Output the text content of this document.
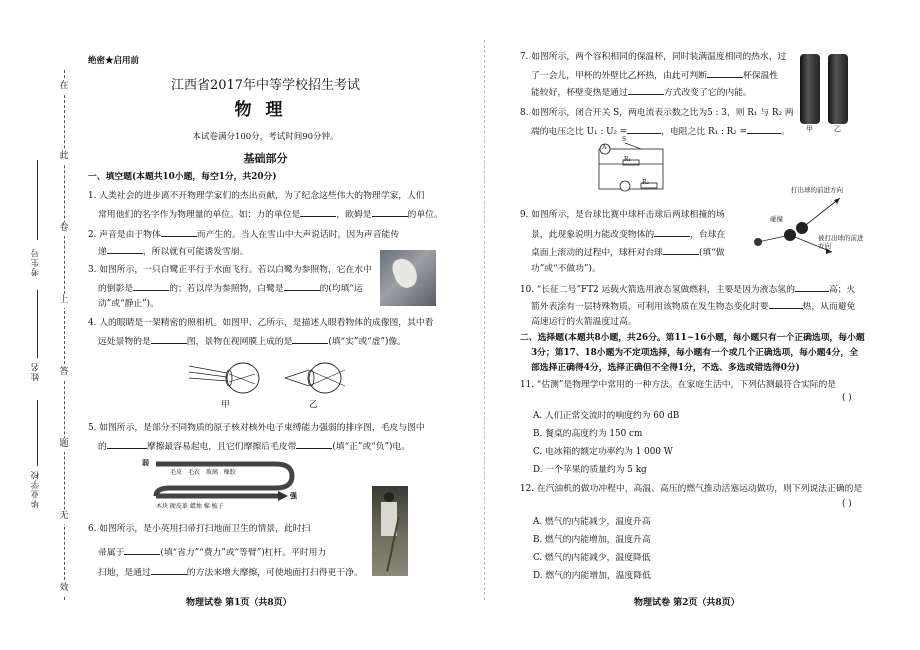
在
此
卷
上
答
题
无
效
考生号
姓名
毕业学校
绝密★启用前
江西省2017年中等学校招生考试
物理
本试卷满分100分，考试时间90分钟。
基础部分
一、填空题(本题共10小题，每空1分，共20分)
1. 人类社会的进步离不开物理学家们的杰出贡献，为了纪念这些伟大的物理学家，人们
常用他们的名字作为物理量的单位。如：力的单位是	，欧姆是	的单位。
2. 声音是由于物体	而产生的。当人在雪山中大声说话时，因为声音能传
递	，所以就有可能诱发雪崩。
3. 如图所示，一只白鹭正平行于水面飞行。若以白鹭为参照物，它在水中
的倒影是	的；若以岸为参照物，白鹭是	的(均填“运
动”或“静止”)。
4. 人的眼睛是一架精密的照相机。如图甲、乙所示，是描述人眼看物体的成像图，其中看
远处景物的是	图，景物在视网膜上成的是	(填“实”或“虚”)像。
甲	乙
5. 如图所示，是部分不同物质的原子核对核外电子束缚能力强弱的排序图，毛皮与图中
的	摩擦最容易起电，且它们摩擦后毛皮带	(填“正”或“负”)电。
弱
强
毛皮 毛衣 玻璃 橡胶
木块 硬皮革 蜡烛 棉 梳子
6. 如图所示，是小英用扫帚打扫地面卫生的情景，此时扫
帚属于	(填“省力”“费力”或“等臂”)杠杆。平时用力
扫地，是通过	的方法来增大摩擦，可使地面打扫得更干净。
物理试卷 第1页（共8页）
7. 如图所示，两个容积相同的保温杯，同时装满温度相同的热水，过
了一会儿，甲杯的外壁比乙杯热，由此可判断	杯保温性
能较好，杯壁变热是通过	方式改变了它的内能。
甲	乙
8. 如图所示，闭合开关 S，两电流表示数之比为5 : 3，则 R₁ 与 R₂ 两
端的电压之比 U₁ : U₂ =	，电阻之比 R₁ : R₂ =	。
A
S
R₁
R₂
9. 如图所示，是台球比赛中球杆击球后两球相撞的场
景，此现象说明力能改变物体的	，台球在
桌面上滚动的过程中，球杆对台球	(填“做
功”或“不做功”)。
打出球的前进方向
碰撞
被打出球的前进方向
10. “长征二号”FT2 运载火箭选用液态氢做燃料，主要是因为液态氢的	高；火
箭外表涂有一层特殊物质，可利用该物质在发生物态变化时要	热，从而避免
高速运行的火箭温度过高。
二、选择题(本题共8小题，共26分。第11~16小题，每小题只有一个正确选项，每小题
3分；第17、18小题为不定项选择，每小题有一个或几个正确选项，每小题4分，全
部选择正确得4分，选择正确但不全得1分，不选、多选或错选得0分)
11. “估测”是物理学中常用的一种方法。在家庭生活中，下列估测最符合实际的是
( )
A. 人们正常交流时的响度约为 60 dB
B. 餐桌的高度约为 150 cm
C. 电冰箱的额定功率约为 1 000 W
D. 一个苹果的质量约为 5 kg
12. 在汽油机的做功冲程中，高温、高压的燃气推动活塞运动做功，则下列说法正确的是
( )
A. 燃气的内能减少，温度升高
B. 燃气的内能增加，温度升高
C. 燃气的内能减少，温度降低
D. 燃气的内能增加，温度降低
物理试卷 第2页（共8页）
